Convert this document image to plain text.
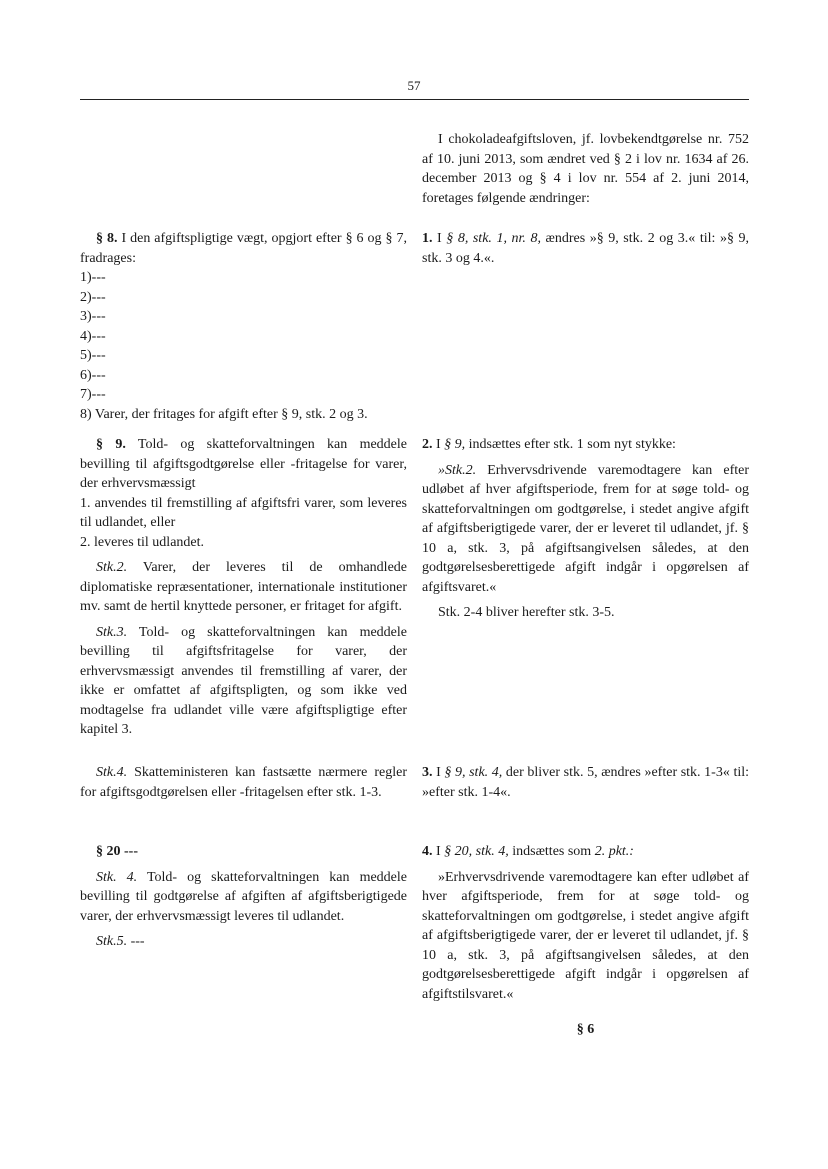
57

I chokoladeafgiftsloven, jf. lovbekendtgørelse nr. 752 af 10. juni 2013, som ændret ved § 2 i lov nr. 1634 af 26. december 2013 og § 4 i lov nr. 554 af 2. juni 2014, foretages følgende ændringer:

§ 8. I den afgiftspligtige vægt, opgjort efter § 6 og § 7, fradrages:

1)---

2)---

3)---

4)---

5)---

6)---

7)---

8) Varer, der fritages for afgift efter § 9, stk. 2 og 3.

1. I § 8, stk. 1, nr. 8, ændres »§ 9, stk. 2 og 3.« til: »§ 9, stk. 3 og 4.«.

§ 9. Told- og skatteforvaltningen kan meddele bevilling til afgiftsgodtgørelse eller -fritagelse for varer, der erhvervsmæssigt

1. anvendes til fremstilling af afgiftsfri varer, som leveres til udlandet, eller

2. leveres til udlandet.

Stk.2. Varer, der leveres til de omhandlede diplomatiske repræsentationer, internationale institutioner mv. samt de hertil knyttede personer, er fritaget for afgift.

Stk.3. Told- og skatteforvaltningen kan meddele bevilling til afgiftsfritagelse for varer, der erhvervsmæssigt anvendes til fremstilling af varer, der ikke er omfattet af afgiftspligten, og som ikke ved modtagelse fra udlandet ville være afgiftspligtige efter kapitel 3.

2. I § 9, indsættes efter stk. 1 som nyt stykke:

»Stk.2. Erhvervsdrivende varemodtagere kan efter udløbet af hver afgiftsperiode, frem for at søge told- og skatteforvaltningen om godtgørelse, i stedet angive afgift af afgiftsberigtigede varer, der er leveret til udlandet, jf. § 10 a, stk. 3, på afgiftsangivelsen således, at den godtgørelsesberettigede afgift indgår i opgørelsen af afgiftsvaret.«

Stk. 2-4 bliver herefter stk. 3-5.

Stk.4. Skatteministeren kan fastsætte nærmere regler for afgiftsgodtgørelsen eller -fritagelsen efter stk. 1-3.

3. I § 9, stk. 4, der bliver stk. 5, ændres »efter stk. 1-3« til: »efter stk. 1-4«.

§ 20 ---

Stk. 4. Told- og skatteforvaltningen kan meddele bevilling til godtgørelse af afgiften af afgiftsberigtigede varer, der erhvervsmæssigt leveres til udlandet.

Stk.5. ---

4. I § 20, stk. 4, indsættes som 2. pkt.:

»Erhvervsdrivende varemodtagere kan efter udløbet af hver afgiftsperiode, frem for at søge told- og skatteforvaltningen om godtgørelse, i stedet angive afgift af afgiftsberigtigede varer, der er leveret til udlandet, jf. § 10 a, stk. 3, på afgiftsangivelsen således, at den godtgørelsesberettigede afgift indgår i opgørelsen af afgiftstilsvaret.«

§ 6
